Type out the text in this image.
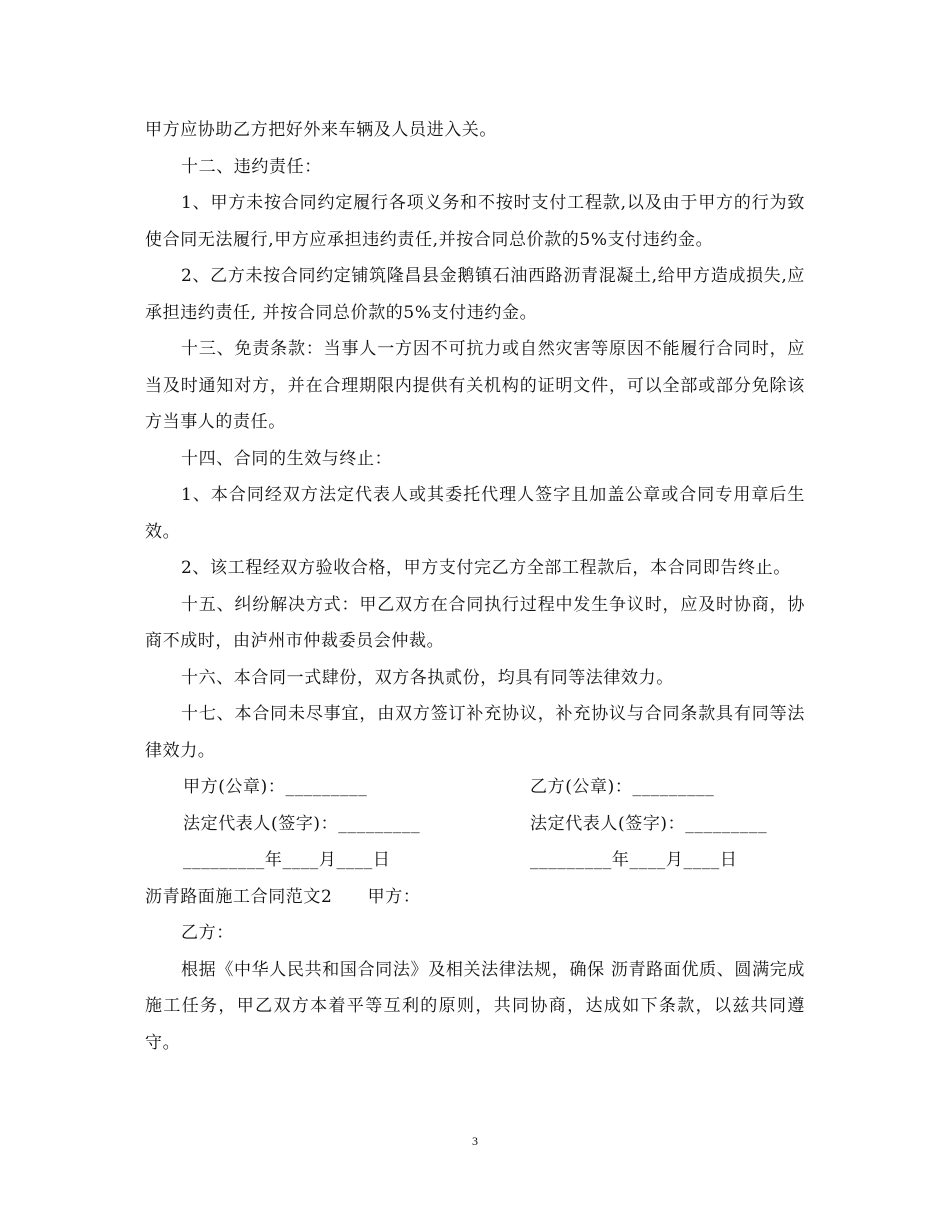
甲方应协助乙方把好外来车辆及人员进入关。

十二、违约责任：

1、甲方未按合同约定履行各项义务和不按时支付工程款,以及由于甲方的行为致使合同无法履行,甲方应承担违约责任,并按合同总价款的5%支付违约金。

2、乙方未按合同约定铺筑隆昌县金鹅镇石油西路沥青混凝土,给甲方造成损失,应承担违约责任, 并按合同总价款的5%支付违约金。

十三、免责条款：当事人一方因不可抗力或自然灾害等原因不能履行合同时，应当及时通知对方，并在合理期限内提供有关机构的证明文件，可以全部或部分免除该方当事人的责任。

十四、合同的生效与终止：

1、本合同经双方法定代表人或其委托代理人签字且加盖公章或合同专用章后生效。

2、该工程经双方验收合格，甲方支付完乙方全部工程款后，本合同即告终止。

十五、纠纷解决方式：甲乙双方在合同执行过程中发生争议时，应及时协商，协商不成时，由泸州市仲裁委员会仲裁。

十六、本合同一式肆份，双方各执贰份，均具有同等法律效力。

十七、本合同未尽事宜，由双方签订补充协议，补充协议与合同条款具有同等法律效力。

甲方(公章)：_________	乙方(公章)：_________
法定代表人(签字)：_________	法定代表人(签字)：_________
_________年____月____日	_________年____月____日

沥青路面施工合同范文2　　甲方：

乙方：

根据《中华人民共和国合同法》及相关法律法规，确保 沥青路面优质、圆满完成施工任务，甲乙双方本着平等互利的原则，共同协商，达成如下条款，以兹共同遵守。

3
